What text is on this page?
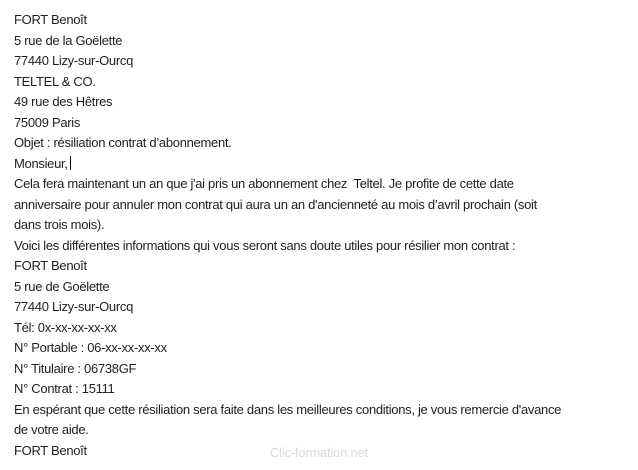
FORT Benoît
5 rue de la Goëlette
77440 Lizy-sur-Ourcq
TELTEL & CO.
49 rue des Hêtres
75009 Paris
Objet : résiliation contrat d’abonnement.
Monsieur,
Cela fera maintenant un an que j'ai pris un abonnement chez  Teltel. Je profite de cette date
anniversaire pour annuler mon contrat qui aura un an d'ancienneté au mois d’avril prochain (soit
dans trois mois).
Voici les différentes informations qui vous seront sans doute utiles pour résilier mon contrat :
FORT Benoît
5 rue de Goëlette
77440 Lizy-sur-Ourcq
Tél: 0x-xx-xx-xx-xx
N° Portable : 06-xx-xx-xx-xx
N° Titulaire : 06738GF
N° Contrat : 15111
En espérant que cette résiliation sera faite dans les meilleures conditions, je vous remercie d'avance
de votre aide.
FORT Benoît	Clic-formation.net
